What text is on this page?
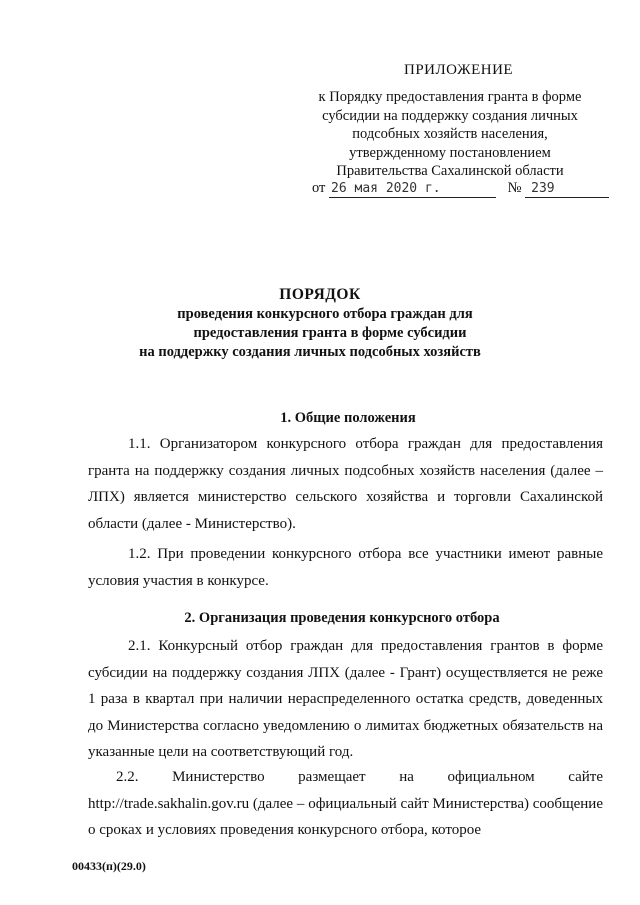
ПРИЛОЖЕНИЕ
к Порядку предоставления гранта в форме
субсидии на поддержку создания личных
подсобных хозяйств населения,
утвержденному постановлением
Правительства Сахалинской области
от 26 мая 2020 г.	№ 239
ПОРЯДОК
проведения конкурсного отбора граждан для
предоставления гранта в форме субсидии
на поддержку создания личных подсобных хозяйств
1. Общие положения

1.1. Организатором конкурсного отбора граждан для предоставления гранта на поддержку создания личных подсобных хозяйств населения (далее – ЛПХ) является министерство сельского хозяйства и торговли Сахалинской области (далее - Министерство).

1.2. При проведении конкурсного отбора все участники имеют равные условия участия в конкурсе.

2. Организация проведения конкурсного отбора

2.1. Конкурсный отбор граждан для предоставления грантов в форме субсидии на поддержку создания ЛПХ (далее - Грант) осуществляется не реже 1 раза в квартал при наличии нераспределенного остатка средств, доведенных до Министерства согласно уведомлению о лимитах бюджетных обязательств на указанные цели на соответствующий год.

2.2. Министерство размещает на официальном сайте

http://trade.sakhalin.gov.ru (далее – официальный сайт Министерства) сообщение о сроках и условиях проведения конкурсного отбора, которое

00433(п)(29.0)
